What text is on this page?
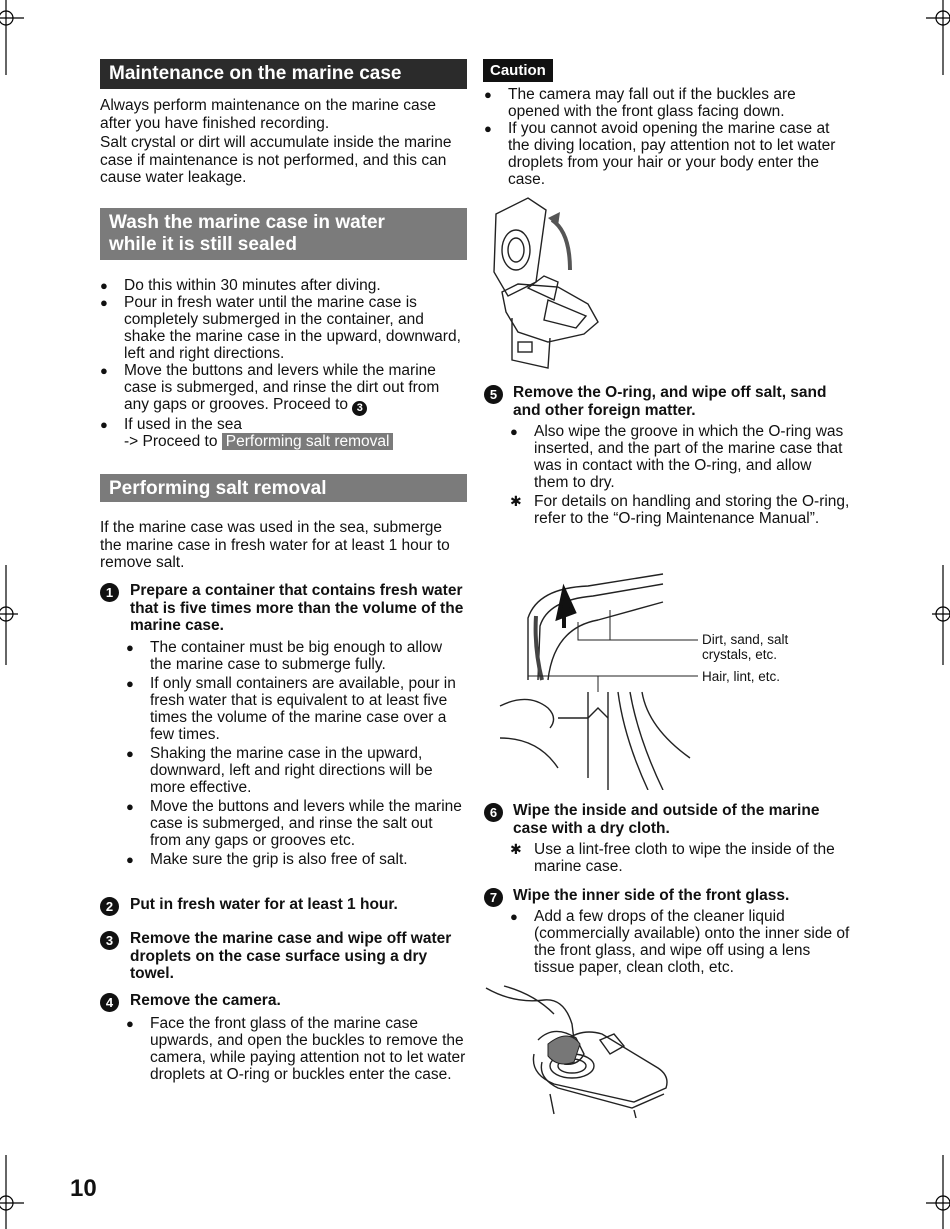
Maintenance on the marine case
Always perform maintenance on the marine case after you have finished recording.
Salt crystal or dirt will accumulate inside the marine case if maintenance is not performed, and this can cause water leakage.
Wash the marine case in water
while it is still sealed
● Do this within 30 minutes after diving.
● Pour in fresh water until the marine case is completely submerged in the container, and shake the marine case in the upward, downward, left and right directions.
● Move the buttons and levers while the marine case is submerged, and rinse the dirt out from any gaps or grooves. Proceed to 3
● If used in the sea
-> Proceed to Performing salt removal
Performing salt removal
If the marine case was used in the sea, submerge the marine case in fresh water for at least 1 hour to remove salt.
1	Prepare a container that contains fresh water that is five times more than the volume of the marine case.
● The container must be big enough to allow the marine case to submerge fully.
● If only small containers are available, pour in fresh water that is equivalent to at least five times the volume of the marine case over a few times.
● Shaking the marine case in the upward, downward, left and right directions will be more effective.
● Move the buttons and levers while the marine case is submerged, and rinse the salt out from any gaps or grooves etc.
● Make sure the grip is also free of salt.
2	Put in fresh water for at least 1 hour.
3	Remove the marine case and wipe off water droplets on the case surface using a dry towel.
4	Remove the camera.
● Face the front glass of the marine case upwards, and open the buckles to remove the camera, while paying attention not to let water droplets at O-ring or buckles enter the case.
10
Caution
● The camera may fall out if the buckles are opened with the front glass facing down.
● If you cannot avoid opening the marine case at the diving location, pay attention not to let water droplets from your hair or your body enter the case.
5	Remove the O-ring, and wipe off salt, sand and other foreign matter.
● Also wipe the groove in which the O-ring was inserted, and the part of the marine case that was in contact with the O-ring, and allow them to dry.
✱ For details on handling and storing the O-ring, refer to the “O-ring Maintenance Manual”.
Dirt, sand, salt
crystals, etc.
Hair, lint, etc.
6	Wipe the inside and outside of the marine case with a dry cloth.
✱ Use a lint-free cloth to wipe the inside of the marine case.
7	Wipe the inner side of the front glass.
● Add a few drops of the cleaner liquid (commercially available) onto the inner side of the front glass, and wipe off using a lens tissue paper, clean cloth, etc.
